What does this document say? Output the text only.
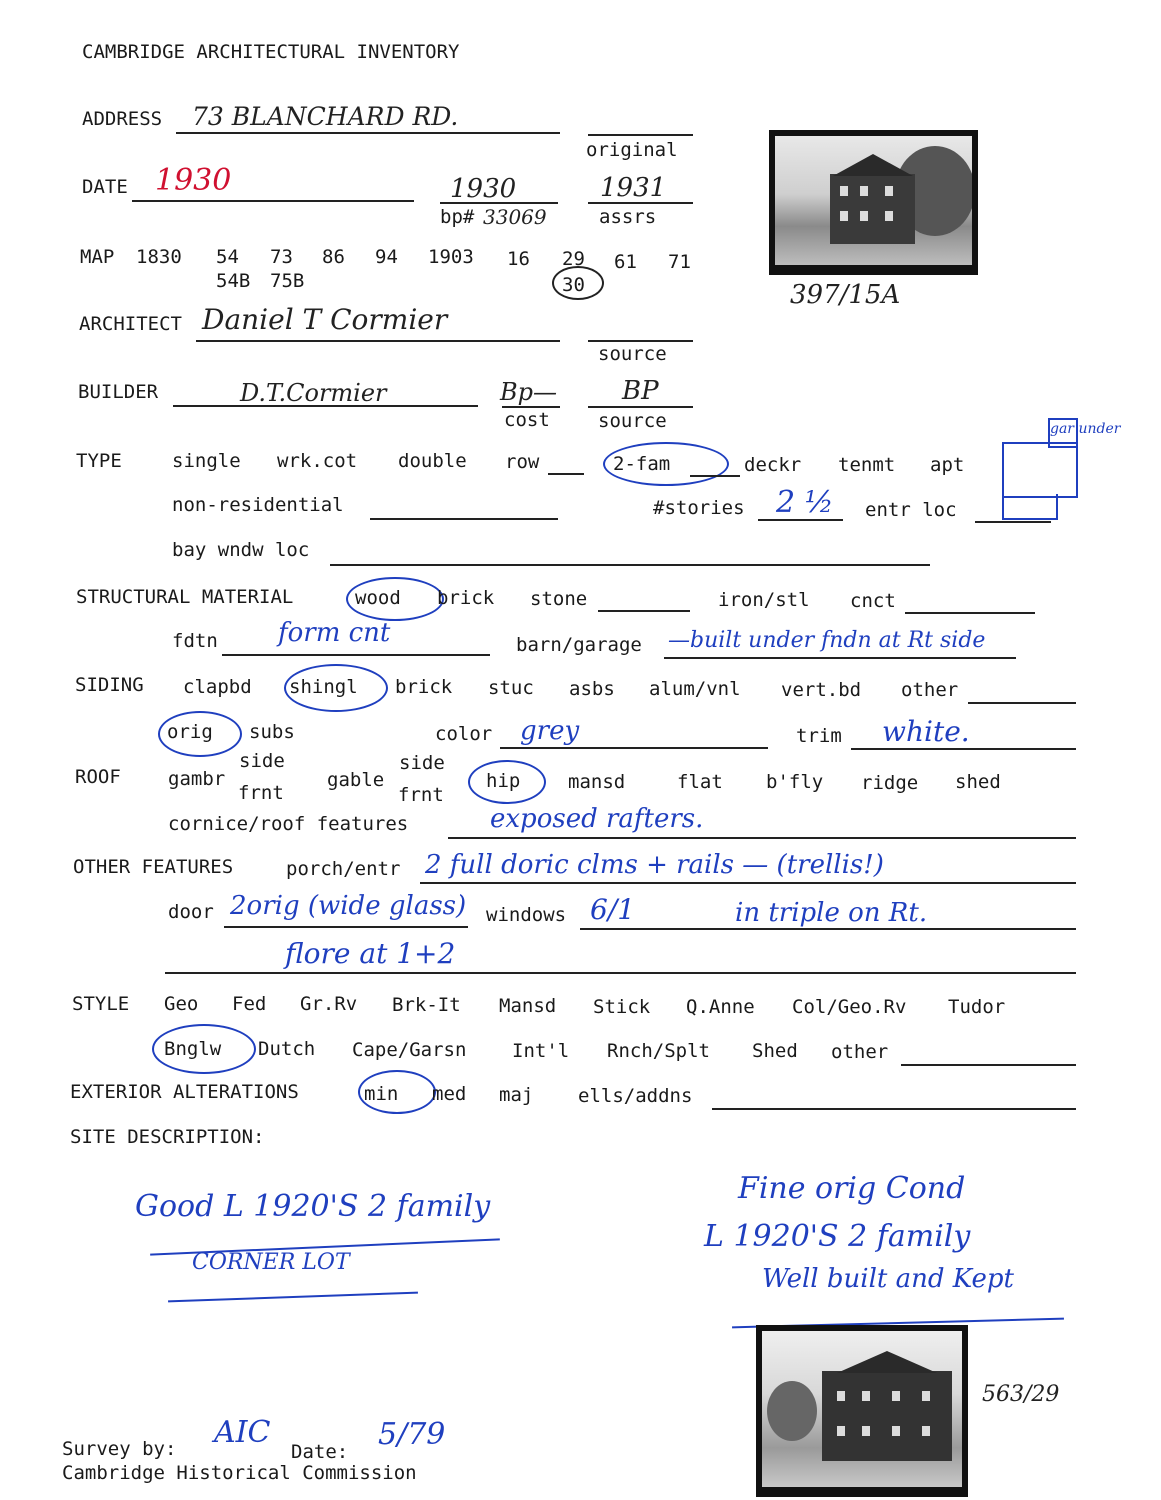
CAMBRIDGE ARCHITECTURAL INVENTORY
ADDRESS 73 BLANCHARD RD.
original
397/15A
DATE 1930	1930
bp# 33069
1931
assrs
MAP 1830 54 73 86 94 1903 16 29 61 71
54B 75B	30
ARCHITECT Daniel T Cormier
source
BUILDER	D.T.Cormier	Bp—
cost
BP
source
TYPE	single wrk.cot double row	2-fam	deckr tenmt apt
gar under
non-residential	#stories 2 ½ entr loc
bay wndw loc
STRUCTURAL MATERIAL	wood brick stone	iron/stl cnct
fdtn form cnt	barn/garage —built under fndn at Rt side
SIDING clapbd shingl brick stuc asbs alum/vnl vert.bd other
orig subs	color grey	trim white.
ROOF
side
gambr
frnt
side
gable
frnt
hip	mansd	flat b'fly ridge shed
cornice/roof features	exposed rafters.
OTHER FEATURES	porch/entr 2 full doric clms + rails — (trellis!)
door 2orig (wide glass) windows 6/1	in triple on Rt.
flore at 1+2
STYLE Geo Fed Gr.Rv Brk-It Mansd Stick Q.Anne Col/Geo.Rv Tudor
Bnglw Dutch Cape/Garsn Int'l Rnch/Splt Shed other
EXTERIOR ALTERATIONS	min med maj ells/addns
SITE DESCRIPTION:
Good L 1920'S 2 family
CORNER LOT
Fine orig Cond
L 1920'S 2 family
Well built and Kept
563/29
Survey by: AIC
Date: 5/79
Cambridge Historical Commission
